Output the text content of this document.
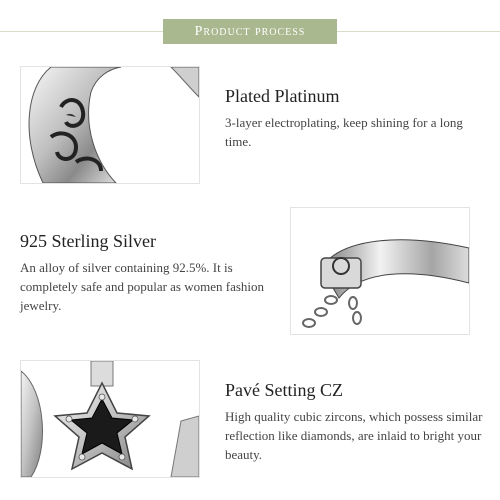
Product process
Plated Platinum

3-layer electroplating, keep shining for a long time.

925 Sterling Silver

An alloy of silver containing 92.5%. It is completely safe and popular as women fashion jewelry.

Pavé Setting CZ

High quality cubic zircons, which possess similar reflection like diamonds, are inlaid to bright your beauty.
